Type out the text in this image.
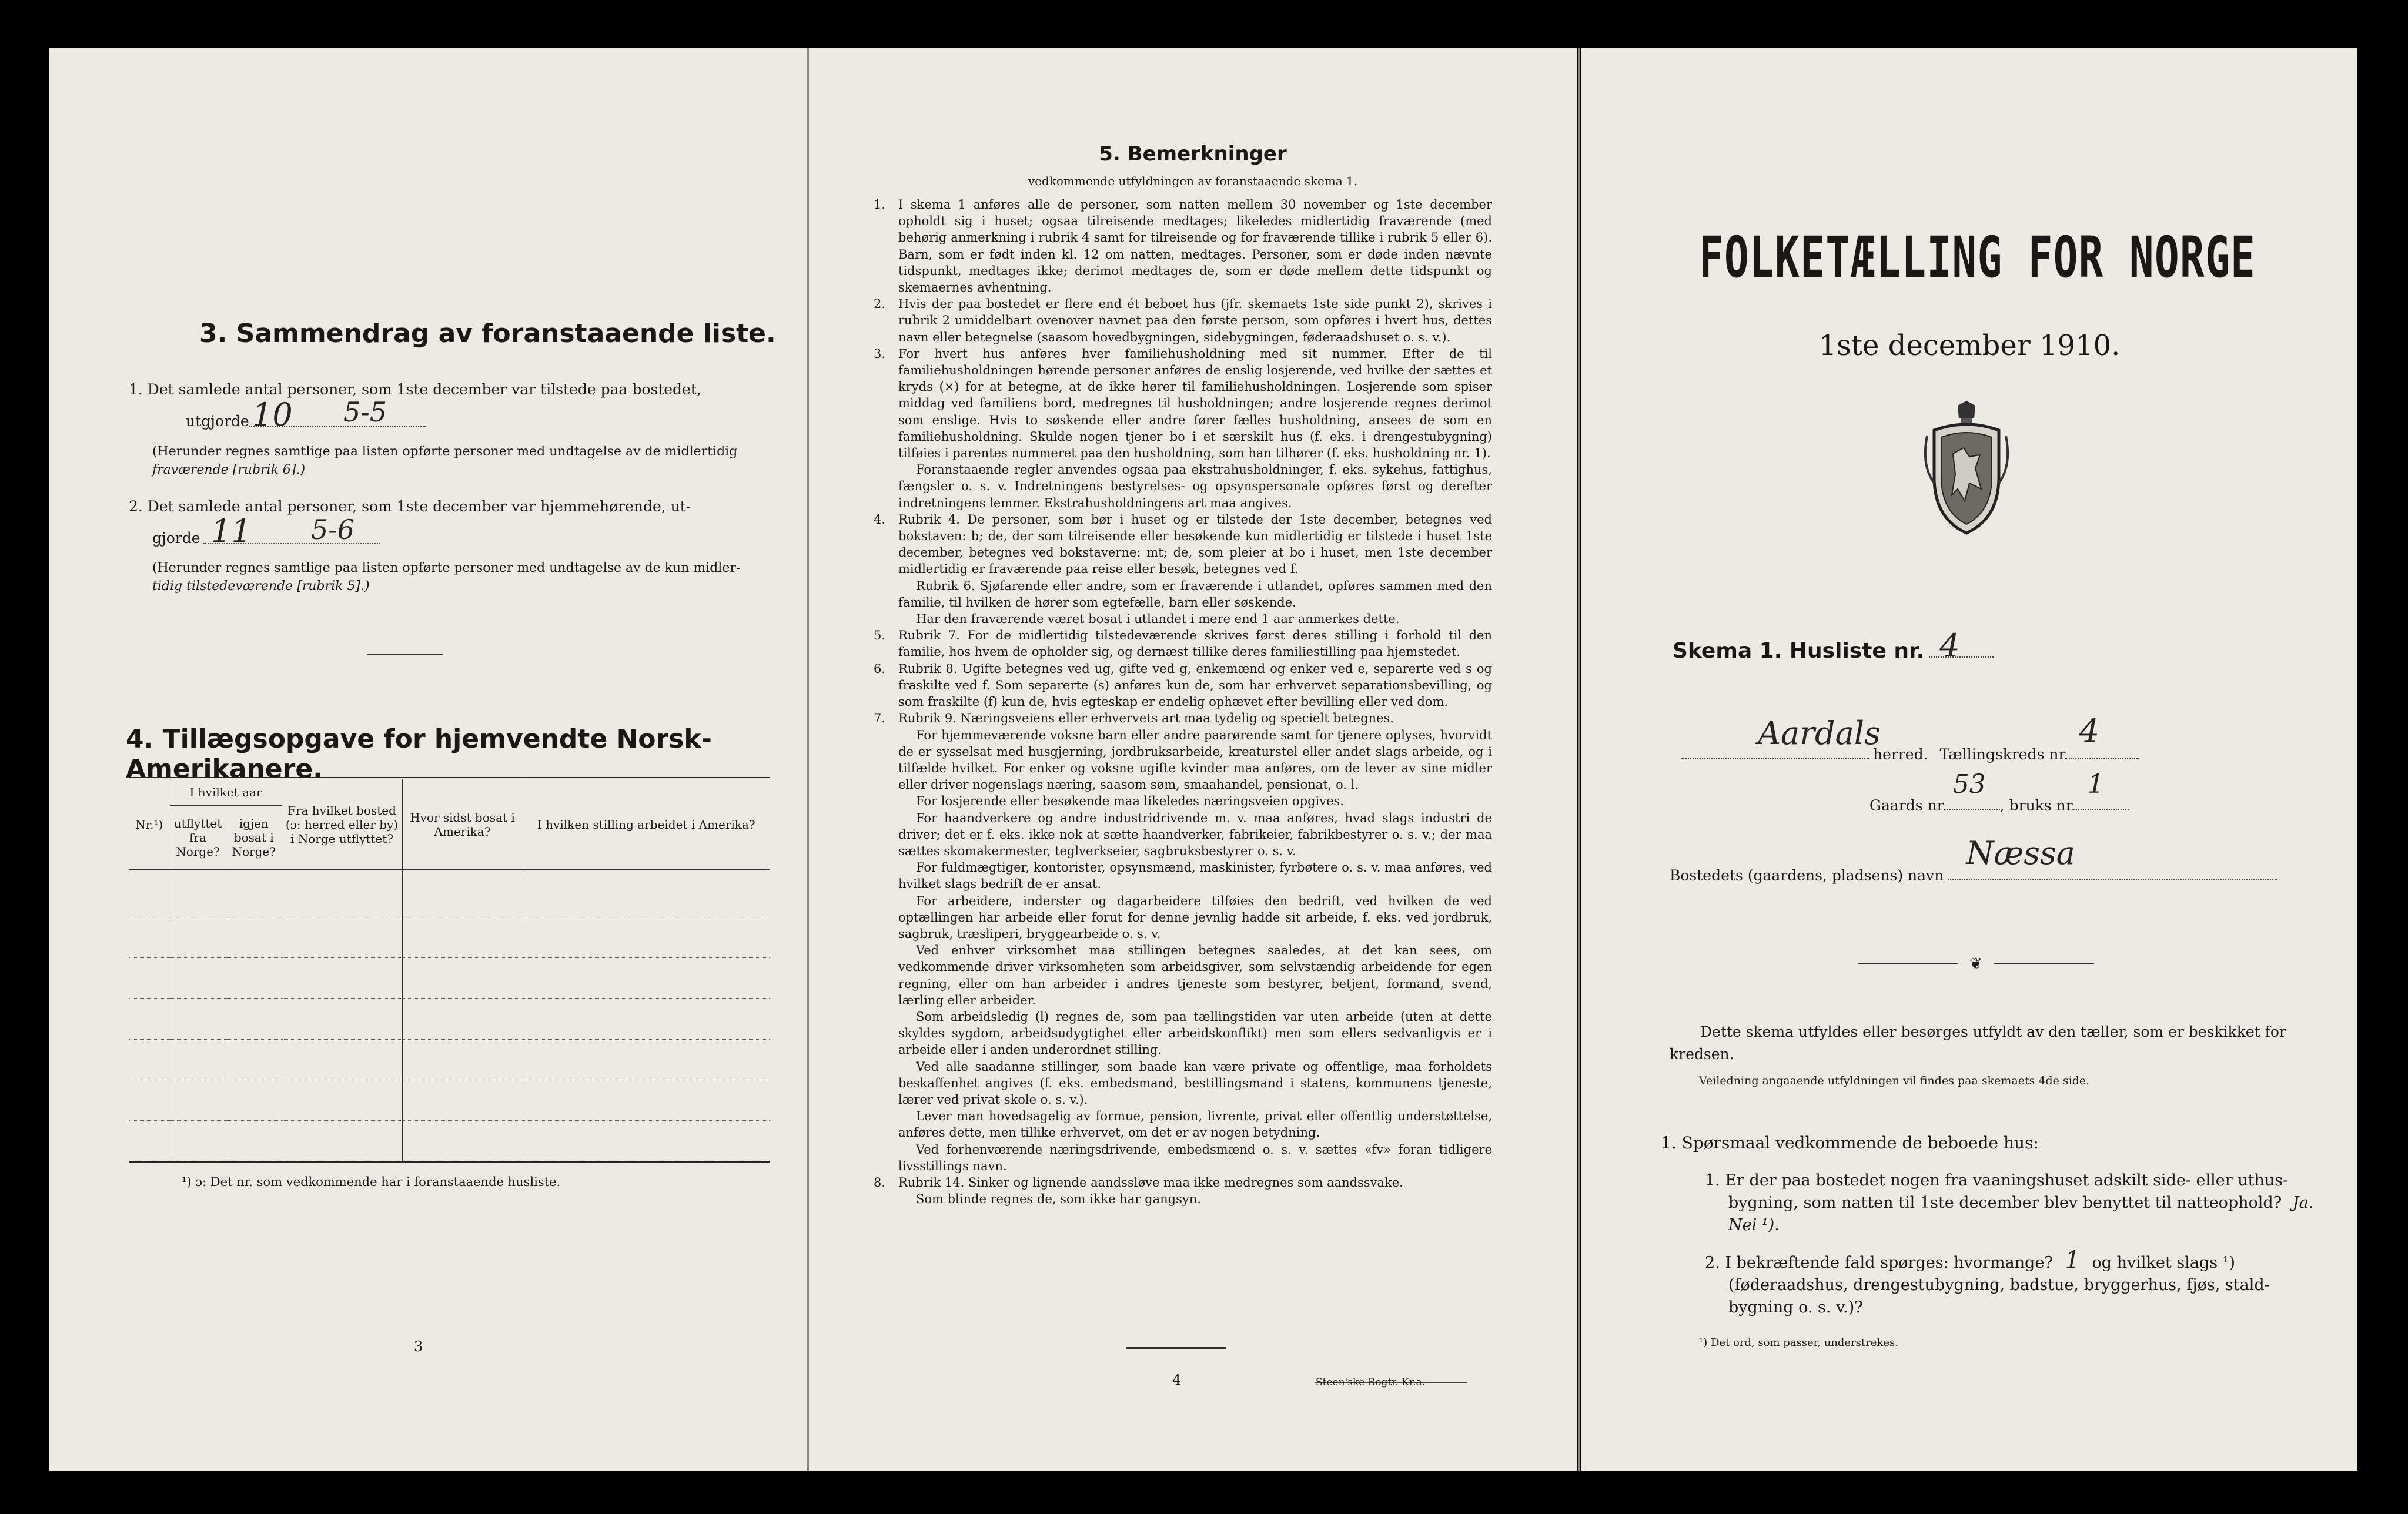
3. Sammendrag av foranstaaende liste.
1. Det samlede antal personer, som 1ste december var tilstede paa bostedet,
utgjorde 10 5-5
(Herunder regnes samtlige paa listen opførte personer med undtagelse av de midlertidig
fraværende [rubrik 6].)
2. Det samlede antal personer, som 1ste december var hjemmehørende, ut-
gjorde 11 5-6
(Herunder regnes samtlige paa listen opførte personer med undtagelse av de kun midler-
tidig tilstedeværende [rubrik 5].)
4. Tillægsopgave for hjemvendte Norsk-Amerikanere.
Nr.¹)	I hvilket aar		Fra hvilket bosted (ɔ: herred eller by) i Norge utflyttet?	Hvor sidst bosat i Amerika?	I hvilken stilling arbeidet i Amerika?
	utflyttet fra Norge?	igjen bosat i Norge?			

¹) ɔ: Det nr. som vedkommende har i foranstaaende husliste.
3
5. Bemerkninger
vedkommende utfyldningen av foranstaaende skema 1.
1. I skema 1 anføres alle de personer, som natten mellem 30 november og 1ste december opholdt sig i huset; ogsaa tilreisende medtages; likeledes midlertidig fraværende (med behørig anmerkning i rubrik 4 samt for tilreisende og for fraværende tillike i rubrik 5 eller 6). Barn, som er født inden kl. 12 om natten, medtages. Personer, som er døde inden nævnte tidspunkt, medtages ikke; derimot medtages de, som er døde mellem dette tidspunkt og skemaernes avhentning.
2. Hvis der paa bostedet er flere end ét beboet hus (jfr. skemaets 1ste side punkt 2), skrives i rubrik 2 umiddelbart ovenover navnet paa den første person, som opføres i hvert hus, dettes navn eller betegnelse (saasom hovedbygningen, sidebygningen, føderaadshuset o. s. v.).
3. For hvert hus anføres hver familiehusholdning med sit nummer. Efter de til familiehusholdningen hørende personer anføres de enslig losjerende, ved hvilke der sættes et kryds (×) for at betegne, at de ikke hører til familiehusholdningen. Losjerende som spiser middag ved familiens bord, medregnes til husholdningen; andre losjerende regnes derimot som enslige. Hvis to søskende eller andre fører fælles husholdning, ansees de som en familiehusholdning. Skulde nogen tjener bo i et særskilt hus (f. eks. i drengestubygning) tilføies i parentes nummeret paa den husholdning, som han tilhører (f. eks. husholdning nr. 1).
Foranstaaende regler anvendes ogsaa paa ekstrahusholdninger, f. eks. sykehus, fattighus, fængsler o. s. v. Indretningens bestyrelses- og opsynspersonale opføres først og derefter indretningens lemmer. Ekstrahusholdningens art maa angives.
4. Rubrik 4. De personer, som bør i huset og er tilstede der 1ste december, betegnes ved bokstaven: b; de, der som tilreisende eller besøkende kun midlertidig er tilstede i huset 1ste december, betegnes ved bokstaverne: mt; de, som pleier at bo i huset, men 1ste december midlertidig er fraværende paa reise eller besøk, betegnes ved f.
Rubrik 6. Sjøfarende eller andre, som er fraværende i utlandet, opføres sammen med den familie, til hvilken de hører som egtefælle, barn eller søskende.
Har den fraværende været bosat i utlandet i mere end 1 aar anmerkes dette.
5. Rubrik 7. For de midlertidig tilstedeværende skrives først deres stilling i forhold til den familie, hos hvem de opholder sig, og dernæst tillike deres familiestilling paa hjemstedet.
6. Rubrik 8. Ugifte betegnes ved ug, gifte ved g, enkemænd og enker ved e, separerte ved s og fraskilte ved f. Som separerte (s) anføres kun de, som har erhvervet separationsbevilling, og som fraskilte (f) kun de, hvis egteskap er endelig ophævet efter bevilling eller ved dom.
7. Rubrik 9. Næringsveiens eller erhvervets art maa tydelig og specielt betegnes.
For hjemmeværende voksne barn eller andre paarørende samt for tjenere oplyses, hvorvidt de er sysselsat med husgjerning, jordbruksarbeide, kreaturstel eller andet slags arbeide, og i tilfælde hvilket. For enker og voksne ugifte kvinder maa anføres, om de lever av sine midler eller driver nogenslags næring, saasom søm, smaahandel, pensionat, o. l.
For losjerende eller besøkende maa likeledes næringsveien opgives.
For haandverkere og andre industridrivende m. v. maa anføres, hvad slags industri de driver; det er f. eks. ikke nok at sætte haandverker, fabrikeier, fabrikbestyrer o. s. v.; der maa sættes skomakermester, teglverkseier, sagbruksbestyrer o. s. v.
For fuldmægtiger, kontorister, opsynsmænd, maskinister, fyrbøtere o. s. v. maa anføres, ved hvilket slags bedrift de er ansat.
For arbeidere, inderster og dagarbeidere tilføies den bedrift, ved hvilken de ved optællingen har arbeide eller forut for denne jevnlig hadde sit arbeide, f. eks. ved jordbruk, sagbruk, træsliperi, bryggearbeide o. s. v.
Ved enhver virksomhet maa stillingen betegnes saaledes, at det kan sees, om vedkommende driver virksomheten som arbeidsgiver, som selvstændig arbeidende for egen regning, eller om han arbeider i andres tjeneste som bestyrer, betjent, formand, svend, lærling eller arbeider.
Som arbeidsledig (l) regnes de, som paa tællingstiden var uten arbeide (uten at dette skyldes sygdom, arbeidsudygtighet eller arbeidskonflikt) men som ellers sedvanligvis er i arbeide eller i anden underordnet stilling.
Ved alle saadanne stillinger, som baade kan være private og offentlige, maa forholdets beskaffenhet angives (f. eks. embedsmand, bestillingsmand i statens, kommunens tjeneste, lærer ved privat skole o. s. v.).
Lever man hovedsagelig av formue, pension, livrente, privat eller offentlig understøttelse, anføres dette, men tillike erhvervet, om det er av nogen betydning.
Ved forhenværende næringsdrivende, embedsmænd o. s. v. sættes «fv» foran tidligere livsstillings navn.
8. Rubrik 14. Sinker og lignende aandssløve maa ikke medregnes som aandssvake.
Som blinde regnes de, som ikke har gangsyn.
4	Steen'ske Bogtr. Kr.a.
FOLKETÆLLING FOR NORGE
1ste december 1910.
Skema 1. Husliste nr. 4
Aardals
herred. Tællingskreds nr.
4
Gaards nr.
53
, bruks nr.
1
Bostedets (gaardens, pladsens) navn
Næssa
❦
Dette skema utfyldes eller besørges utfyldt av den tæller, som er beskikket for kredsen.
Veiledning angaaende utfyldningen vil findes paa skemaets 4de side.
1. Spørsmaal vedkommende de beboede hus:
1. Er der paa bostedet nogen fra vaaningshuset adskilt side- eller uthus-bygning, som natten til 1ste december blev benyttet til natteophold? Ja. Nei ¹).
2. I bekræftende fald spørges: hvormange? 1 og hvilket slags ¹) (føderaadshus, drengestubygning, badstue, bryggerhus, fjøs, stald-bygning o. s. v.)?
¹) Det ord, som passer, understrekes.
